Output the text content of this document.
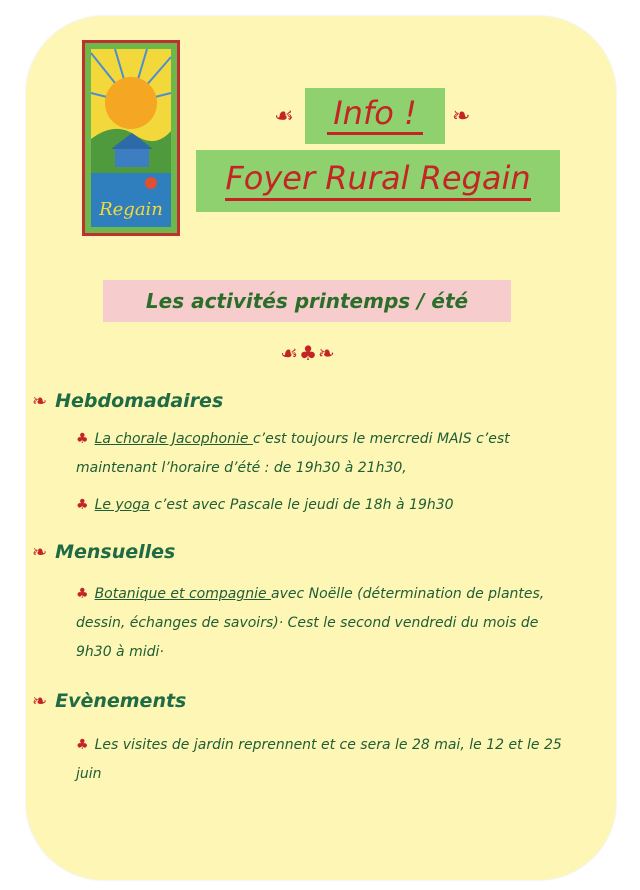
Regain
☙	Info !	❧
Foyer Rural Regain
Les activités printemps / été
☙♣❧
❧ Hebdomadaires
♣ La chorale Jacophonie c’est toujours le mercredi MAIS c’est maintenant l’horaire d’été : de 19h30 à 21h30,
♣ Le yoga c’est avec Pascale le jeudi de 18h à 19h30
❧ Mensuelles
♣ Botanique et compagnie avec Noëlle (détermination de plantes, dessin, échanges de savoirs)· Cest le second vendredi du mois de 9h30 à midi·
❧ Evènements
♣ Les visites de jardin reprennent et ce sera le 28 mai, le 12 et le 25 juin
